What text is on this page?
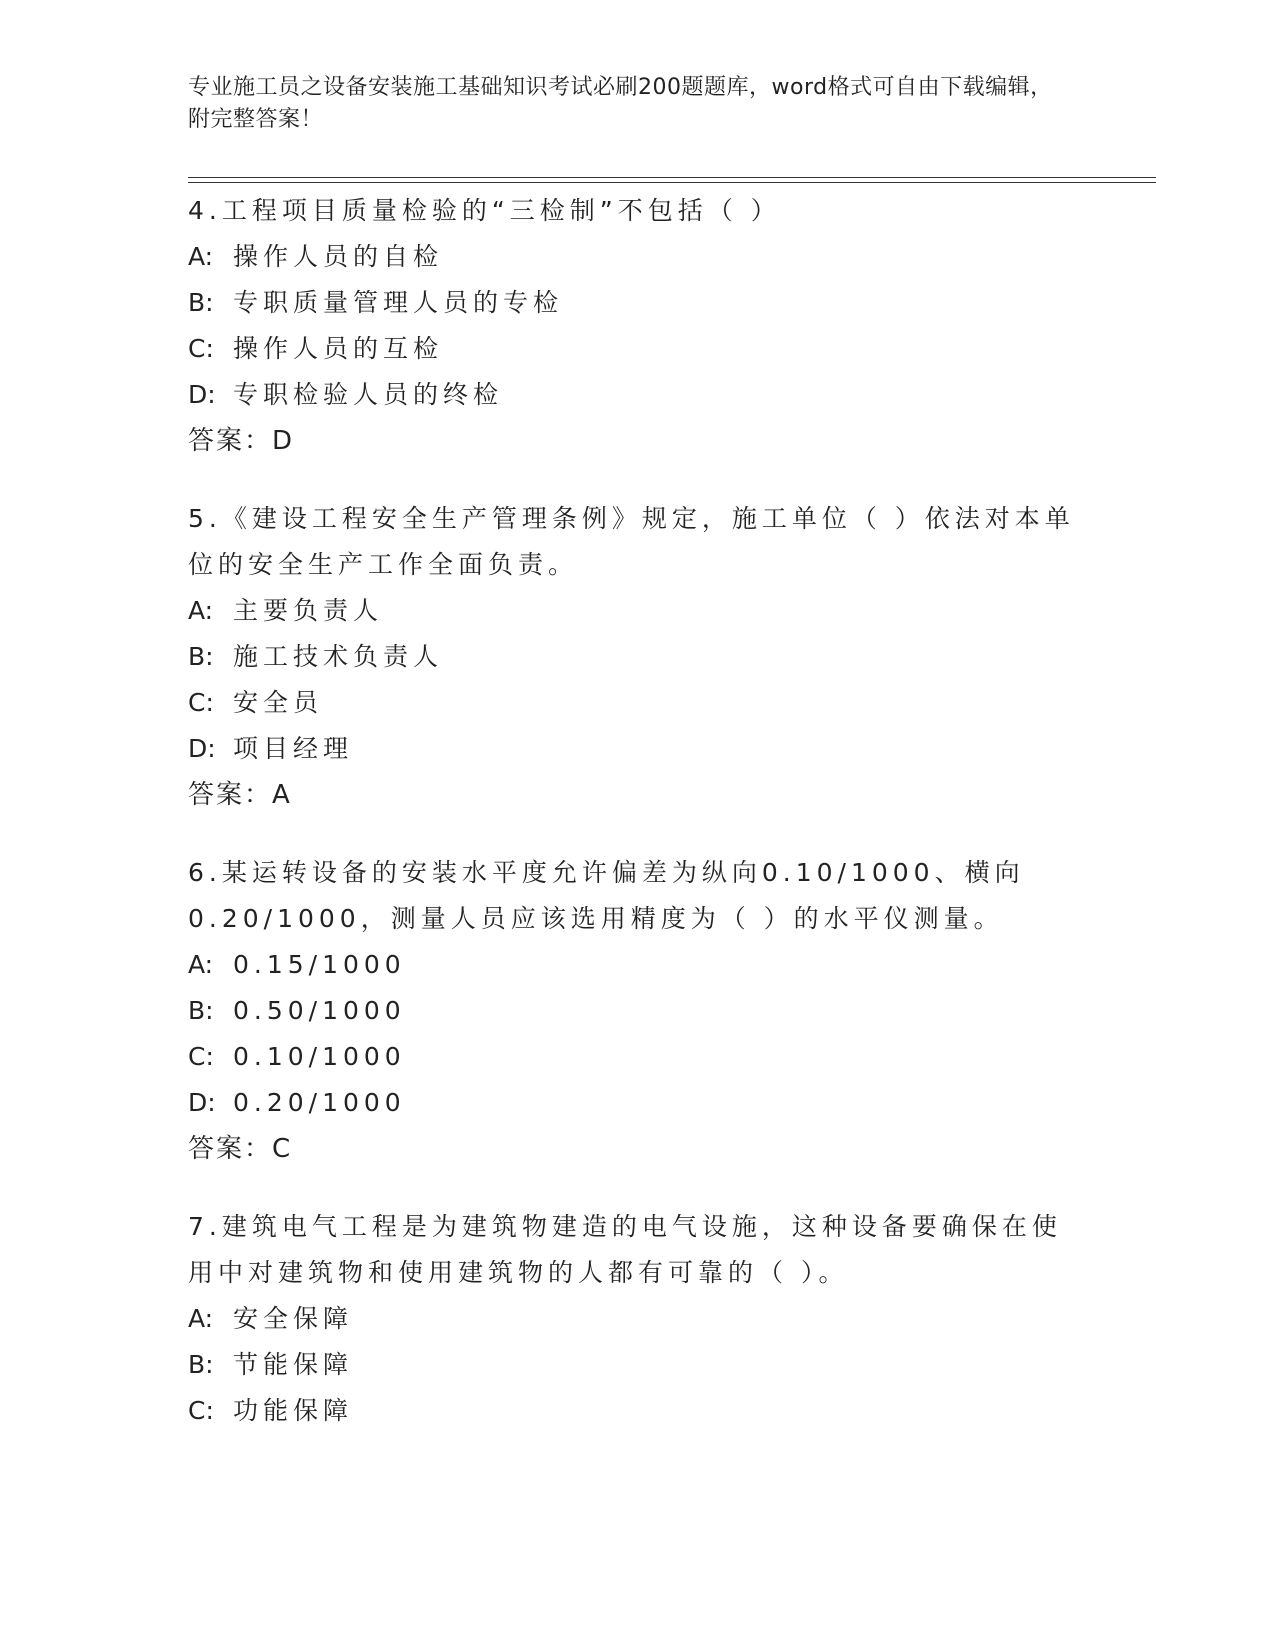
专业施工员之设备安装施工基础知识考试必刷200题题库，word格式可自由下载编辑，附完整答案！
4.工程项目质量检验的“三检制”不包括（ ）
A: 操作人员的自检
B: 专职质量管理人员的专检
C: 操作人员的互检
D: 专职检验人员的终检
答案：D
5.《建设工程安全生产管理条例》规定，施工单位（ ）依法对本单位的安全生产工作全面负责。
A: 主要负责人
B: 施工技术负责人
C: 安全员
D: 项目经理
答案：A
6.某运转设备的安装水平度允许偏差为纵向0.10/1000、横向0.20/1000，测量人员应该选用精度为（ ）的水平仪测量。
A: 0.15/1000
B: 0.50/1000
C: 0.10/1000
D: 0.20/1000
答案：C
7.建筑电气工程是为建筑物建造的电气设施，这种设备要确保在使用中对建筑物和使用建筑物的人都有可靠的（ ）。
A: 安全保障
B: 节能保障
C: 功能保障
